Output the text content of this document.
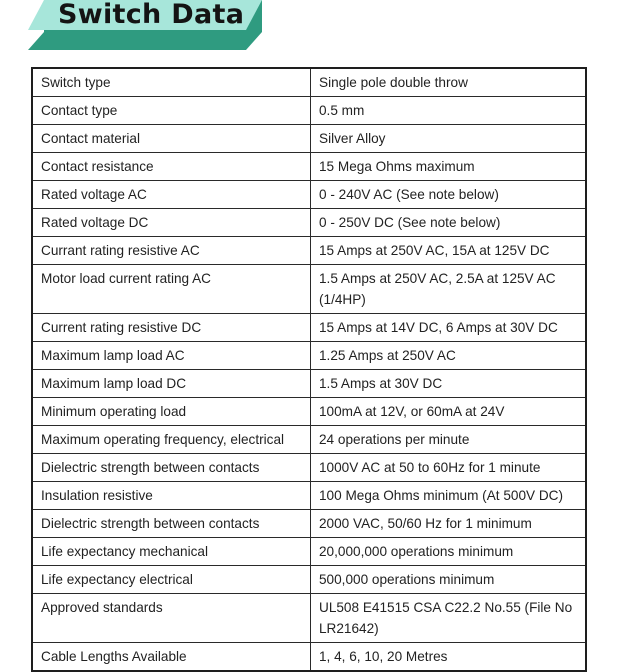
Switch Data
Switch type	Single pole double throw
Contact type	0.5 mm
Contact material	Silver Alloy
Contact resistance	15 Mega Ohms maximum
Rated voltage AC	0 - 240V AC (See note below)
Rated voltage DC	0 - 250V DC (See note below)
Currant rating resistive AC	15 Amps at 250V AC, 15A at 125V DC
Motor load current rating AC	1.5 Amps at 250V AC, 2.5A at 125V AC (1/4HP)
Current rating resistive DC	15 Amps at 14V DC, 6 Amps at 30V DC
Maximum lamp load AC	1.25 Amps at 250V AC
Maximum lamp load DC	1.5 Amps at 30V DC
Minimum operating load	100mA at 12V, or 60mA at 24V
Maximum operating frequency, electrical	24 operations per minute
Dielectric strength between contacts	1000V AC at 50 to 60Hz for 1 minute
Insulation resistive	100 Mega Ohms minimum (At 500V DC)
Dielectric strength between contacts	2000 VAC, 50/60 Hz for 1 minimum
Life expectancy mechanical	20,000,000 operations minimum
Life expectancy electrical	500,000 operations minimum
Approved standards	UL508 E41515 CSA C22.2 No.55 (File No LR21642)
Cable Lengths Available	1, 4, 6, 10, 20 Metres
